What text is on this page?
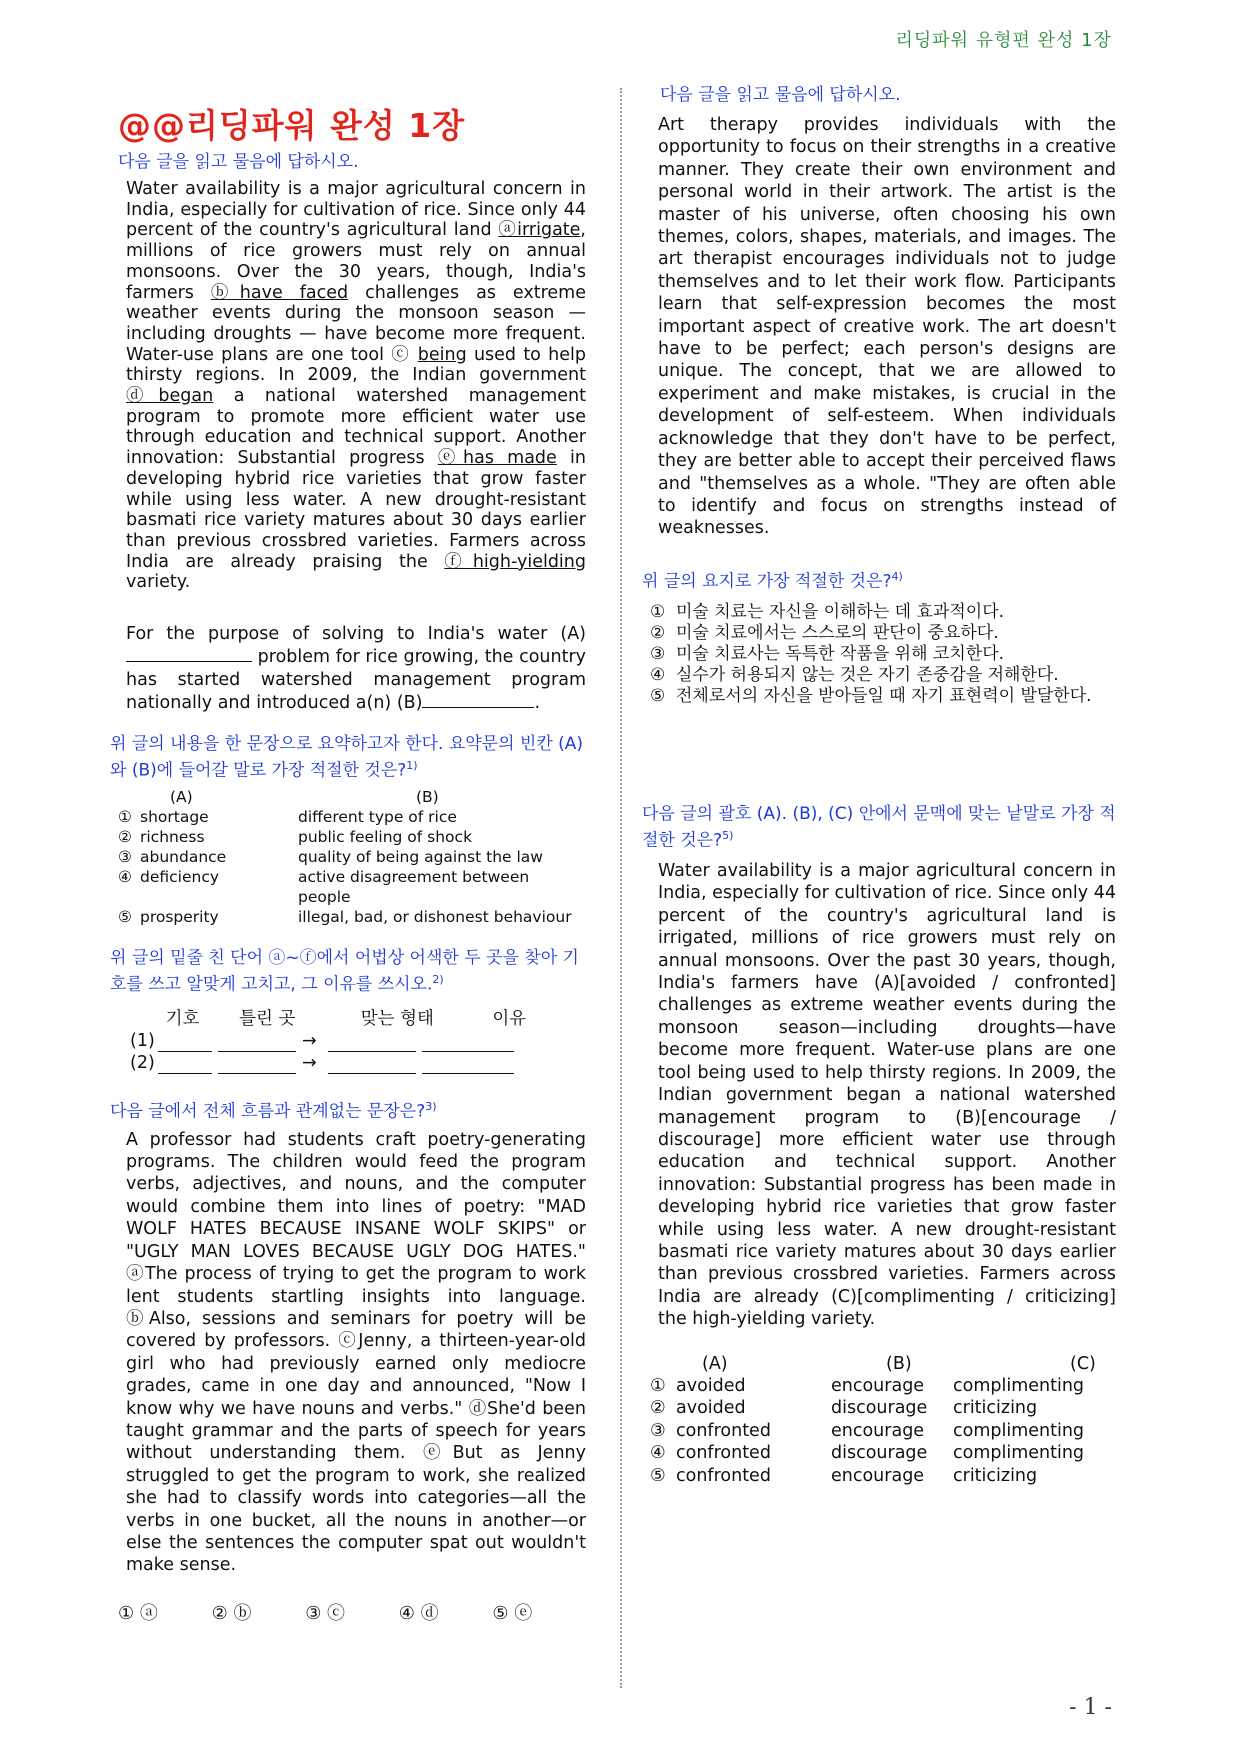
리딩파워 유형편 완성 1장
@@리딩파워 완성 1장
다음 글을 읽고 물음에 답하시오.

Water availability is a major agricultural concern in India, especially for cultivation of rice. Since only 44 percent of the country's agricultural land ⓐirrigate, millions of rice growers must rely on annual monsoons. Over the 30 years, though, India's farmers ⓑhave faced challenges as extreme weather events during the monsoon season — including droughts — have become more frequent. Water-use plans are one tool ⓒ being used to help thirsty regions. In 2009, the Indian government ⓓbegan a national watershed management program to promote more efficient water use through education and technical support. Another innovation: Substantial progress ⓔhas made in developing hybrid rice varieties that grow faster while using less water. A new drought-resistant basmati rice variety matures about 30 days earlier than previous crossbred varieties. Farmers across India are already praising the ⓕhigh-yielding variety.

For the purpose of solving to India's water (A) problem for rice growing, the country has started watershed management program nationally and introduced a(n) (B)	.

위 글의 내용을 한 문장으로 요약하고자 한다. 요약문의 빈칸 (A)와 (B)에 들어갈 말로 가장 적절한 것은?$^{1)}$
(A)	(B)
①	shortage	different type of rice
②	richness	public feeling of shock
③	abundance	quality of being against the law
④	deficiency	active disagreement between people
⑤	prosperity	illegal, bad, or dishonest behaviour
위 글의 밑줄 친 단어 ⓐ~ⓕ에서 어법상 어색한 두 곳을 찾아 기호를 쓰고 알맞게 고치고, 그 이유를 쓰시오.$^{2)}$
기호 틀린 곳	맞는 형태	이유
(1)	→
(2)	→
다음 글에서 전체 흐름과 관계없는 문장은?$^{3)}$

A professor had students craft poetry-generating programs. The children would feed the program verbs, adjectives, and nouns, and the computer would combine them into lines of poetry: "MAD WOLF HATES BECAUSE INSANE WOLF SKIPS" or "UGLY MAN LOVES BECAUSE UGLY DOG HATES." ⓐThe process of trying to get the program to work lent students startling insights into language. ⓑAlso, sessions and seminars for poetry will be covered by professors. ⓒJenny, a thirteen-year-old girl who had previously earned only mediocre grades, came in one day and announced, "Now I know why we have nouns and verbs." ⓓShe'd been taught grammar and the parts of speech for years without understanding them. ⓔBut as Jenny struggled to get the program to work, she realized she had to classify words into categories—all the verbs in one bucket, all the nouns in another—or else the sentences the computer spat out wouldn't make sense.

① ⓐ	② ⓑ	③ ⓒ	④ ⓓ	⑤ ⓔ
다음 글을 읽고 물음에 답하시오.

Art therapy provides individuals with the opportunity to focus on their strengths in a creative manner. They create their own environment and personal world in their artwork. The artist is the master of his universe, often choosing his own themes, colors, shapes, materials, and images. The art therapist encourages individuals not to judge themselves and to let their work flow. Participants learn that self-expression becomes the most important aspect of creative work. The art doesn't have to be perfect; each person's designs are unique. The concept, that we are allowed to experiment and make mistakes, is crucial in the development of self-esteem. When individuals acknowledge that they don't have to be perfect, they are better able to accept their perceived flaws and "themselves as a whole. "They are often able to identify and focus on strengths instead of weaknesses.

위 글의 요지로 가장 적절한 것은?$^{4)}$
① 미술 치료는 자신을 이해하는 데 효과적이다.
② 미술 치료에서는 스스로의 판단이 중요하다.
③ 미술 치료사는 독특한 작품을 위해 코치한다.
④ 실수가 허용되지 않는 것은 자기 존중감을 저해한다.
⑤ 전체로서의 자신을 받아들일 때 자기 표현력이 발달한다.
다음 글의 괄호 (A). (B), (C) 안에서 문맥에 맞는 낱말로 가장 적절한 것은?$^{5)}$

Water availability is a major agricultural concern in India, especially for cultivation of rice. Since only 44 percent of the country's agricultural land is irrigated, millions of rice growers must rely on annual monsoons. Over the past 30 years, though, India's farmers have (A)[avoided / confronted] challenges as extreme weather events during the monsoon season—including droughts—have become more frequent. Water-use plans are one tool being used to help thirsty regions. In 2009, the Indian government began a national watershed management program to (B)[encourage / discourage] more efficient water use through education and technical support. Another innovation: Substantial progress has been made in developing hybrid rice varieties that grow faster while using less water. A new drought-resistant basmati rice variety matures about 30 days earlier than previous crossbred varieties. Farmers across India are already (C)[complimenting / criticizing] the high-yielding variety.

(A)	(B)	(C)
①	avoided	encourage	complimenting
②	avoided	discourage	criticizing
③	confronted	encourage	complimenting
④	confronted	discourage	complimenting
⑤	confronted	encourage	criticizing
- 1 -
